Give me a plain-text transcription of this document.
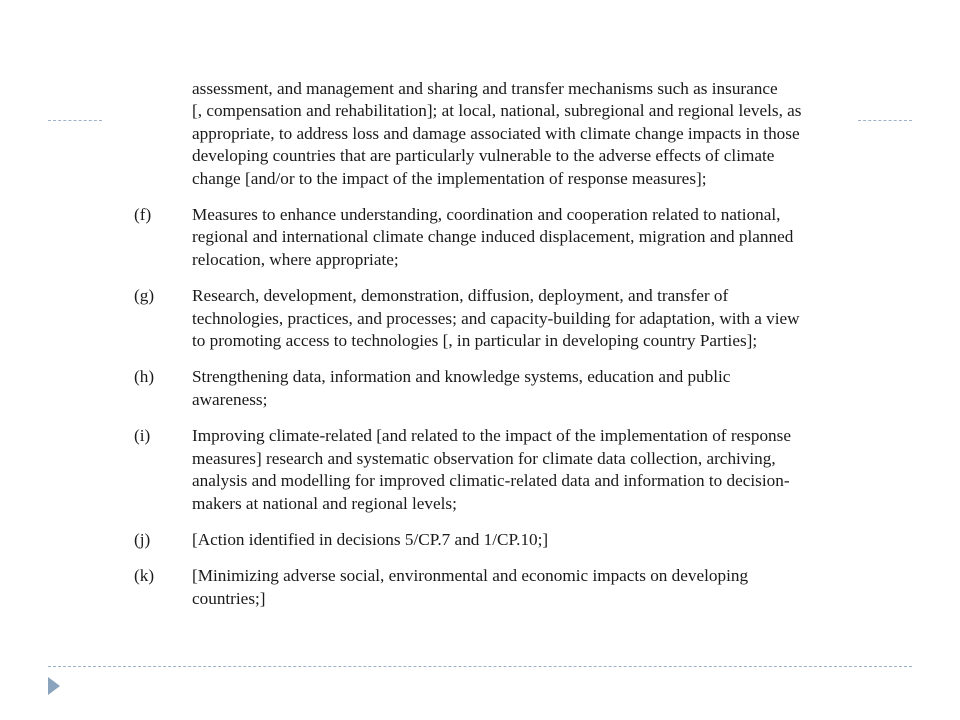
assessment, and management and sharing and transfer mechanisms such as insurance
[, compensation and rehabilitation]; at local, national, subregional and regional levels, as
appropriate, to address loss and damage associated with climate change impacts in those
developing countries that are particularly vulnerable to the adverse effects of climate
change [and/or to the impact of the implementation of response measures];
(f)	Measures to enhance understanding, coordination and cooperation related to national,
regional and international climate change induced displacement, migration and planned
relocation, where appropriate;
(g)	Research, development, demonstration, diffusion, deployment, and transfer of
technologies, practices, and processes; and capacity-building for adaptation, with a view
to promoting access to technologies [, in particular in developing country Parties];
(h)	Strengthening data, information and knowledge systems, education and public
awareness;
(i)	Improving climate-related [and related to the impact of the implementation of response
measures] research and systematic observation for climate data collection, archiving,
analysis and modelling for improved climatic-related data and information to decision-
makers at national and regional levels;
(j)	[Action identified in decisions 5/CP.7 and 1/CP.10;]
(k)	[Minimizing adverse social, environmental and economic impacts on developing
countries;]
